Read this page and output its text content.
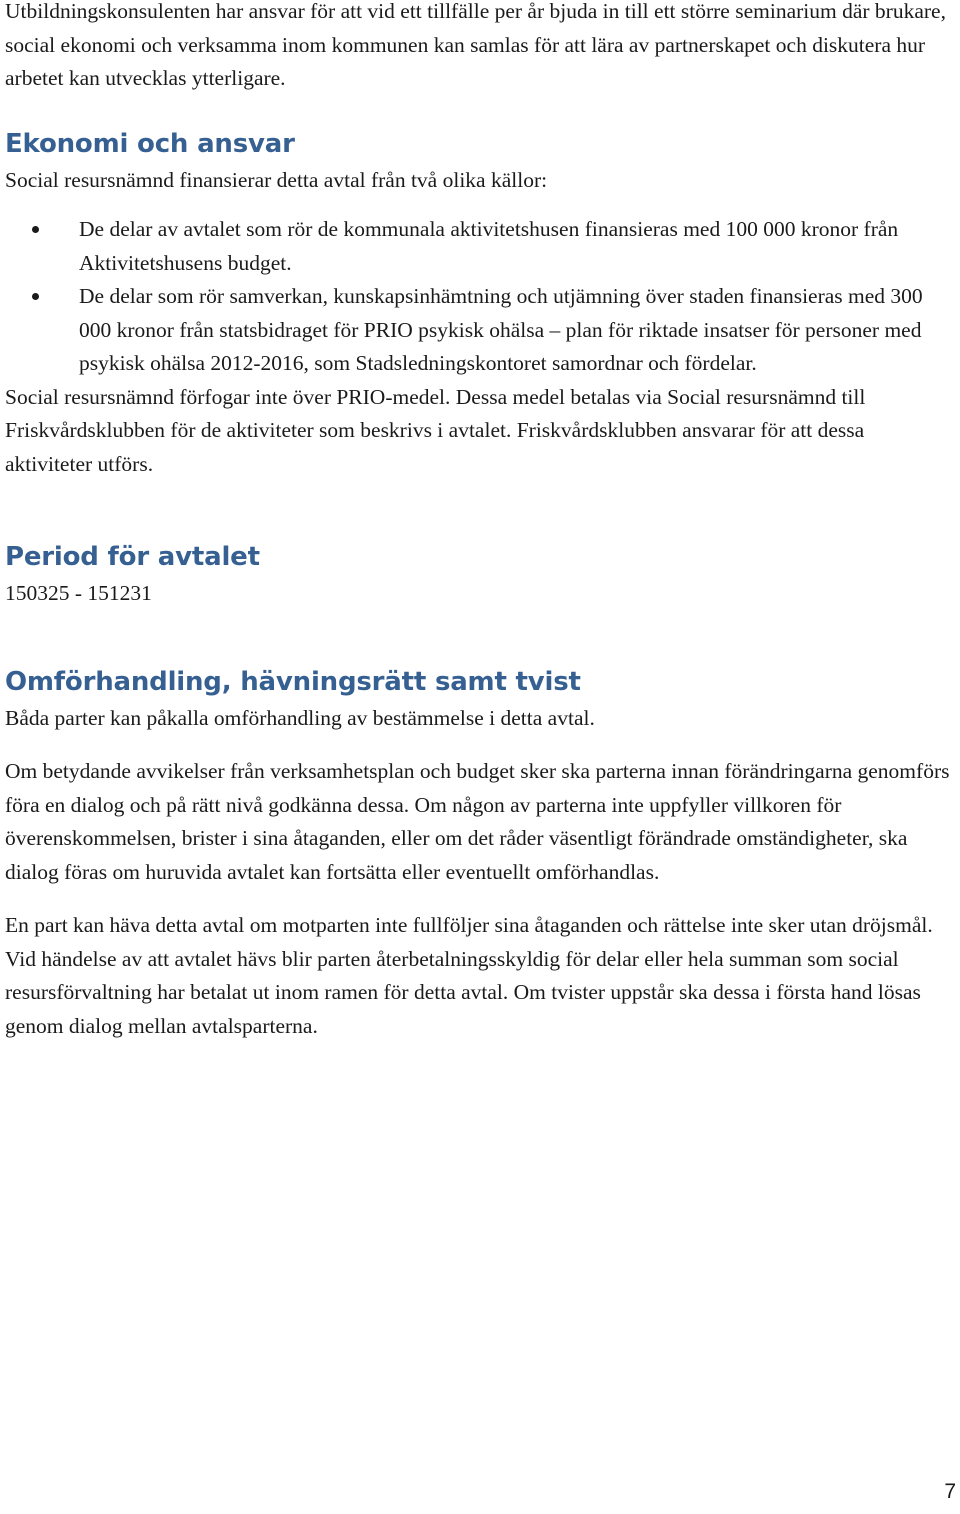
Utbildningskonsulenten har ansvar för att vid ett tillfälle per år bjuda in till ett större seminarium där brukare, social ekonomi och verksamma inom kommunen kan samlas för att lära av partnerskapet och diskutera hur arbetet kan utvecklas ytterligare.

Ekonomi och ansvar

Social resursnämnd finansierar detta avtal från två olika källor:

De delar av avtalet som rör de kommunala aktivitetshusen finansieras med 100 000 kronor från Aktivitetshusens budget.
De delar som rör samverkan, kunskapsinhämtning och utjämning över staden finansieras med 300 000 kronor från statsbidraget för PRIO psykisk ohälsa – plan för riktade insatser för personer med psykisk ohälsa 2012-2016, som Stadsledningskontoret samordnar och fördelar.

Social resursnämnd förfogar inte över PRIO-medel. Dessa medel betalas via Social resursnämnd till Friskvårdsklubben för de aktiviteter som beskrivs i avtalet. Friskvårdsklubben ansvarar för att dessa aktiviteter utförs.

Period för avtalet

150325 - 151231

Omförhandling, hävningsrätt samt tvist

Båda parter kan påkalla omförhandling av bestämmelse i detta avtal.

Om betydande avvikelser från verksamhetsplan och budget sker ska parterna innan förändringarna genomförs föra en dialog och på rätt nivå godkänna dessa. Om någon av parterna inte uppfyller villkoren för överenskommelsen, brister i sina åtaganden, eller om det råder väsentligt förändrade omständigheter, ska dialog föras om huruvida avtalet kan fortsätta eller eventuellt omförhandlas.

En part kan häva detta avtal om motparten inte fullföljer sina åtaganden och rättelse inte sker utan dröjsmål. Vid händelse av att avtalet hävs blir parten återbetalningsskyldig för delar eller hela summan som social resursförvaltning har betalat ut inom ramen för detta avtal. Om tvister uppstår ska dessa i första hand lösas genom dialog mellan avtalsparterna.

7
